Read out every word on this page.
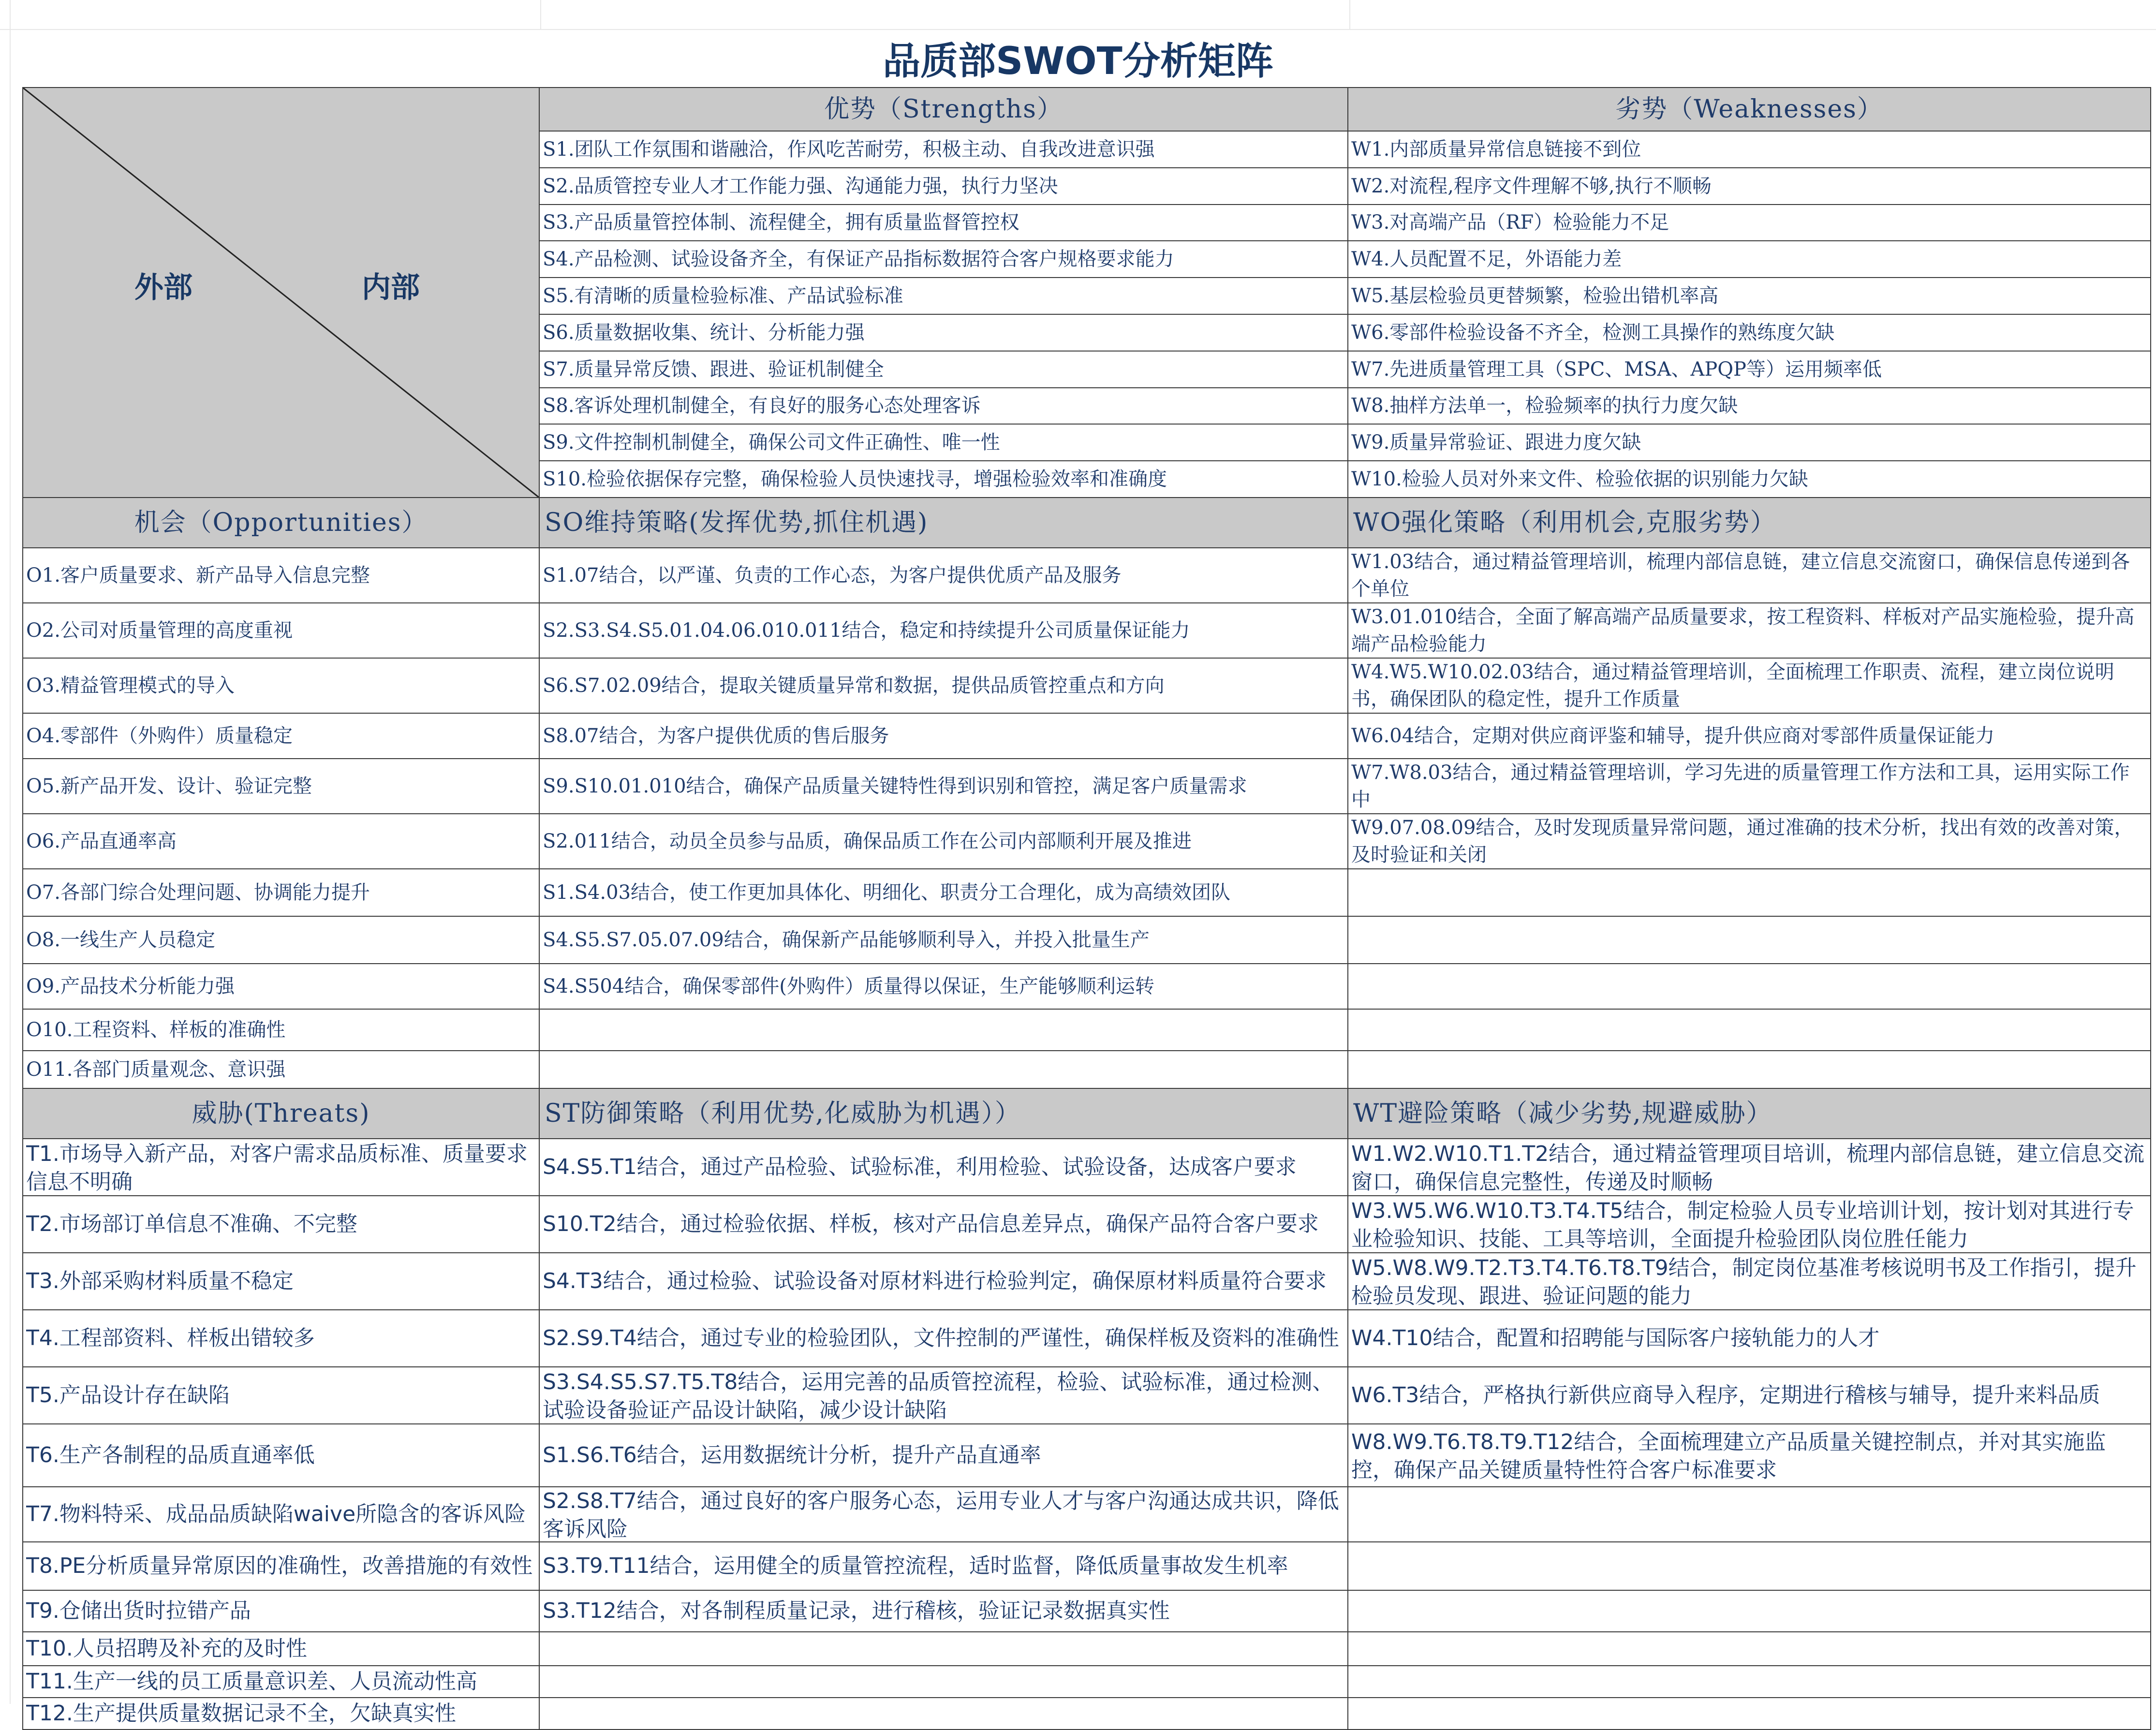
品质部SWOT分析矩阵
外部 内部	优势（Strengths）	劣势（Weaknesses）
	S1.团队工作氛围和谐融洽，作风吃苦耐劳，积极主动、自我改进意识强	W1.内部质量异常信息链接不到位
	S2.品质管控专业人才工作能力强、沟通能力强，执行力坚决	W2.对流程,程序文件理解不够,执行不顺畅
	S3.产品质量管控体制、流程健全，拥有质量监督管控权	W3.对高端产品（RF）检验能力不足
	S4.产品检测、试验设备齐全，有保证产品指标数据符合客户规格要求能力	W4.人员配置不足，外语能力差
	S5.有清晰的质量检验标准、产品试验标准	W5.基层检验员更替频繁，检验出错机率高
	S6.质量数据收集、统计、分析能力强	W6.零部件检验设备不齐全，检测工具操作的熟练度欠缺
	S7.质量异常反馈、跟进、验证机制健全	W7.先进质量管理工具（SPC、MSA、APQP等）运用频率低
	S8.客诉处理机制健全，有良好的服务心态处理客诉	W8.抽样方法单一，检验频率的执行力度欠缺
	S9.文件控制机制健全，确保公司文件正确性、唯一性	W9.质量异常验证、跟进力度欠缺
	S10.检验依据保存完整，确保检验人员快速找寻，增强检验效率和准确度	W10.检验人员对外来文件、检验依据的识别能力欠缺
机会（Opportunities）	SO维持策略(发挥优势,抓住机遇)	WO强化策略（利用机会,克服劣势）
O1.客户质量要求、新产品导入信息完整	S1.07结合，以严谨、负责的工作心态，为客户提供优质产品及服务	W1.03结合，通过精益管理培训，梳理内部信息链，建立信息交流窗口，确保信息传递到各个单位

O2.公司对质量管理的高度重视	S2.S3.S4.S5.01.04.06.010.011结合，稳定和持续提升公司质量保证能力	W3.01.010结合，全面了解高端产品质量要求，按工程资料、样板对产品实施检验，提升高端产品检验能力

O3.精益管理模式的导入	S6.S7.02.09结合，提取关键质量异常和数据，提供品质管控重点和方向	W4.W5.W10.02.03结合，通过精益管理培训，全面梳理工作职责、流程，建立岗位说明书，确保团队的稳定性，提升工作质量

O4.零部件（外购件）质量稳定	S8.07结合，为客户提供优质的售后服务	W6.04结合，定期对供应商评鉴和辅导，提升供应商对零部件质量保证能力

O5.新产品开发、设计、验证完整	S9.S10.01.010结合，确保产品质量关键特性得到识别和管控，满足客户质量需求	W7.W8.03结合，通过精益管理培训，学习先进的质量管理工作方法和工具，运用实际工作中

O6.产品直通率高	S2.011结合，动员全员参与品质，确保品质工作在公司内部顺利开展及推进	W9.07.08.09结合，及时发现质量异常问题，通过准确的技术分析，找出有效的改善对策，及时验证和关闭

O7.各部门综合处理问题、协调能力提升	S1.S4.03结合，使工作更加具体化、明细化、职责分工合理化，成为高绩效团队	

O8.一线生产人员稳定	S4.S5.S7.05.07.09结合，确保新产品能够顺利导入，并投入批量生产	

O9.产品技术分析能力强	S4.S504结合，确保零部件(外购件）质量得以保证，生产能够顺利运转	

O10.工程资料、样板的准确性		

O11.各部门质量观念、意识强		

威胁(Threats)	ST防御策略（利用优势,化威胁为机遇））	WT避险策略（减少劣势,规避威胁）

T1.市场导入新产品，对客户需求品质标准、质量要求信息不明确	S4.S5.T1结合，通过产品检验、试验标准，利用检验、试验设备，达成客户要求	W1.W2.W10.T1.T2结合，通过精益管理项目培训，梳理内部信息链，建立信息交流窗口，确保信息完整性，传递及时顺畅

T2.市场部订单信息不准确、不完整	S10.T2结合，通过检验依据、样板，核对产品信息差异点，确保产品符合客户要求	W3.W5.W6.W10.T3.T4.T5结合，制定检验人员专业培训计划，按计划对其进行专业检验知识、技能、工具等培训，全面提升检验团队岗位胜任能力

T3.外部采购材料质量不稳定	S4.T3结合，通过检验、试验设备对原材料进行检验判定，确保原材料质量符合要求	W5.W8.W9.T2.T3.T4.T6.T8.T9结合，制定岗位基准考核说明书及工作指引，提升检验员发现、跟进、验证问题的能力

T4.工程部资料、样板出错较多	S2.S9.T4结合，通过专业的检验团队，文件控制的严谨性，确保样板及资料的准确性	W4.T10结合，配置和招聘能与国际客户接轨能力的人才

T5.产品设计存在缺陷	S3.S4.S5.S7.T5.T8结合，运用完善的品质管控流程，检验、试验标准，通过检测、试验设备验证产品设计缺陷，减少设计缺陷	W6.T3结合，严格执行新供应商导入程序，定期进行稽核与辅导，提升来料品质

T6.生产各制程的品质直通率低	S1.S6.T6结合，运用数据统计分析，提升产品直通率	W8.W9.T6.T8.T9.T12结合，全面梳理建立产品质量关键控制点，并对其实施监控，确保产品关键质量特性符合客户标准要求

T7.物料特采、成品品质缺陷waive所隐含的客诉风险	S2.S8.T7结合，通过良好的客户服务心态，运用专业人才与客户沟通达成共识，降低客诉风险	

T8.PE分析质量异常原因的准确性，改善措施的有效性	S3.T9.T11结合，运用健全的质量管控流程，适时监督，降低质量事故发生机率	

T9.仓储出货时拉错产品	S3.T12结合，对各制程质量记录，进行稽核，验证记录数据真实性	

T10.人员招聘及补充的及时性		

T11.生产一线的员工质量意识差、人员流动性高		

T12.生产提供质量数据记录不全，欠缺真实性		
